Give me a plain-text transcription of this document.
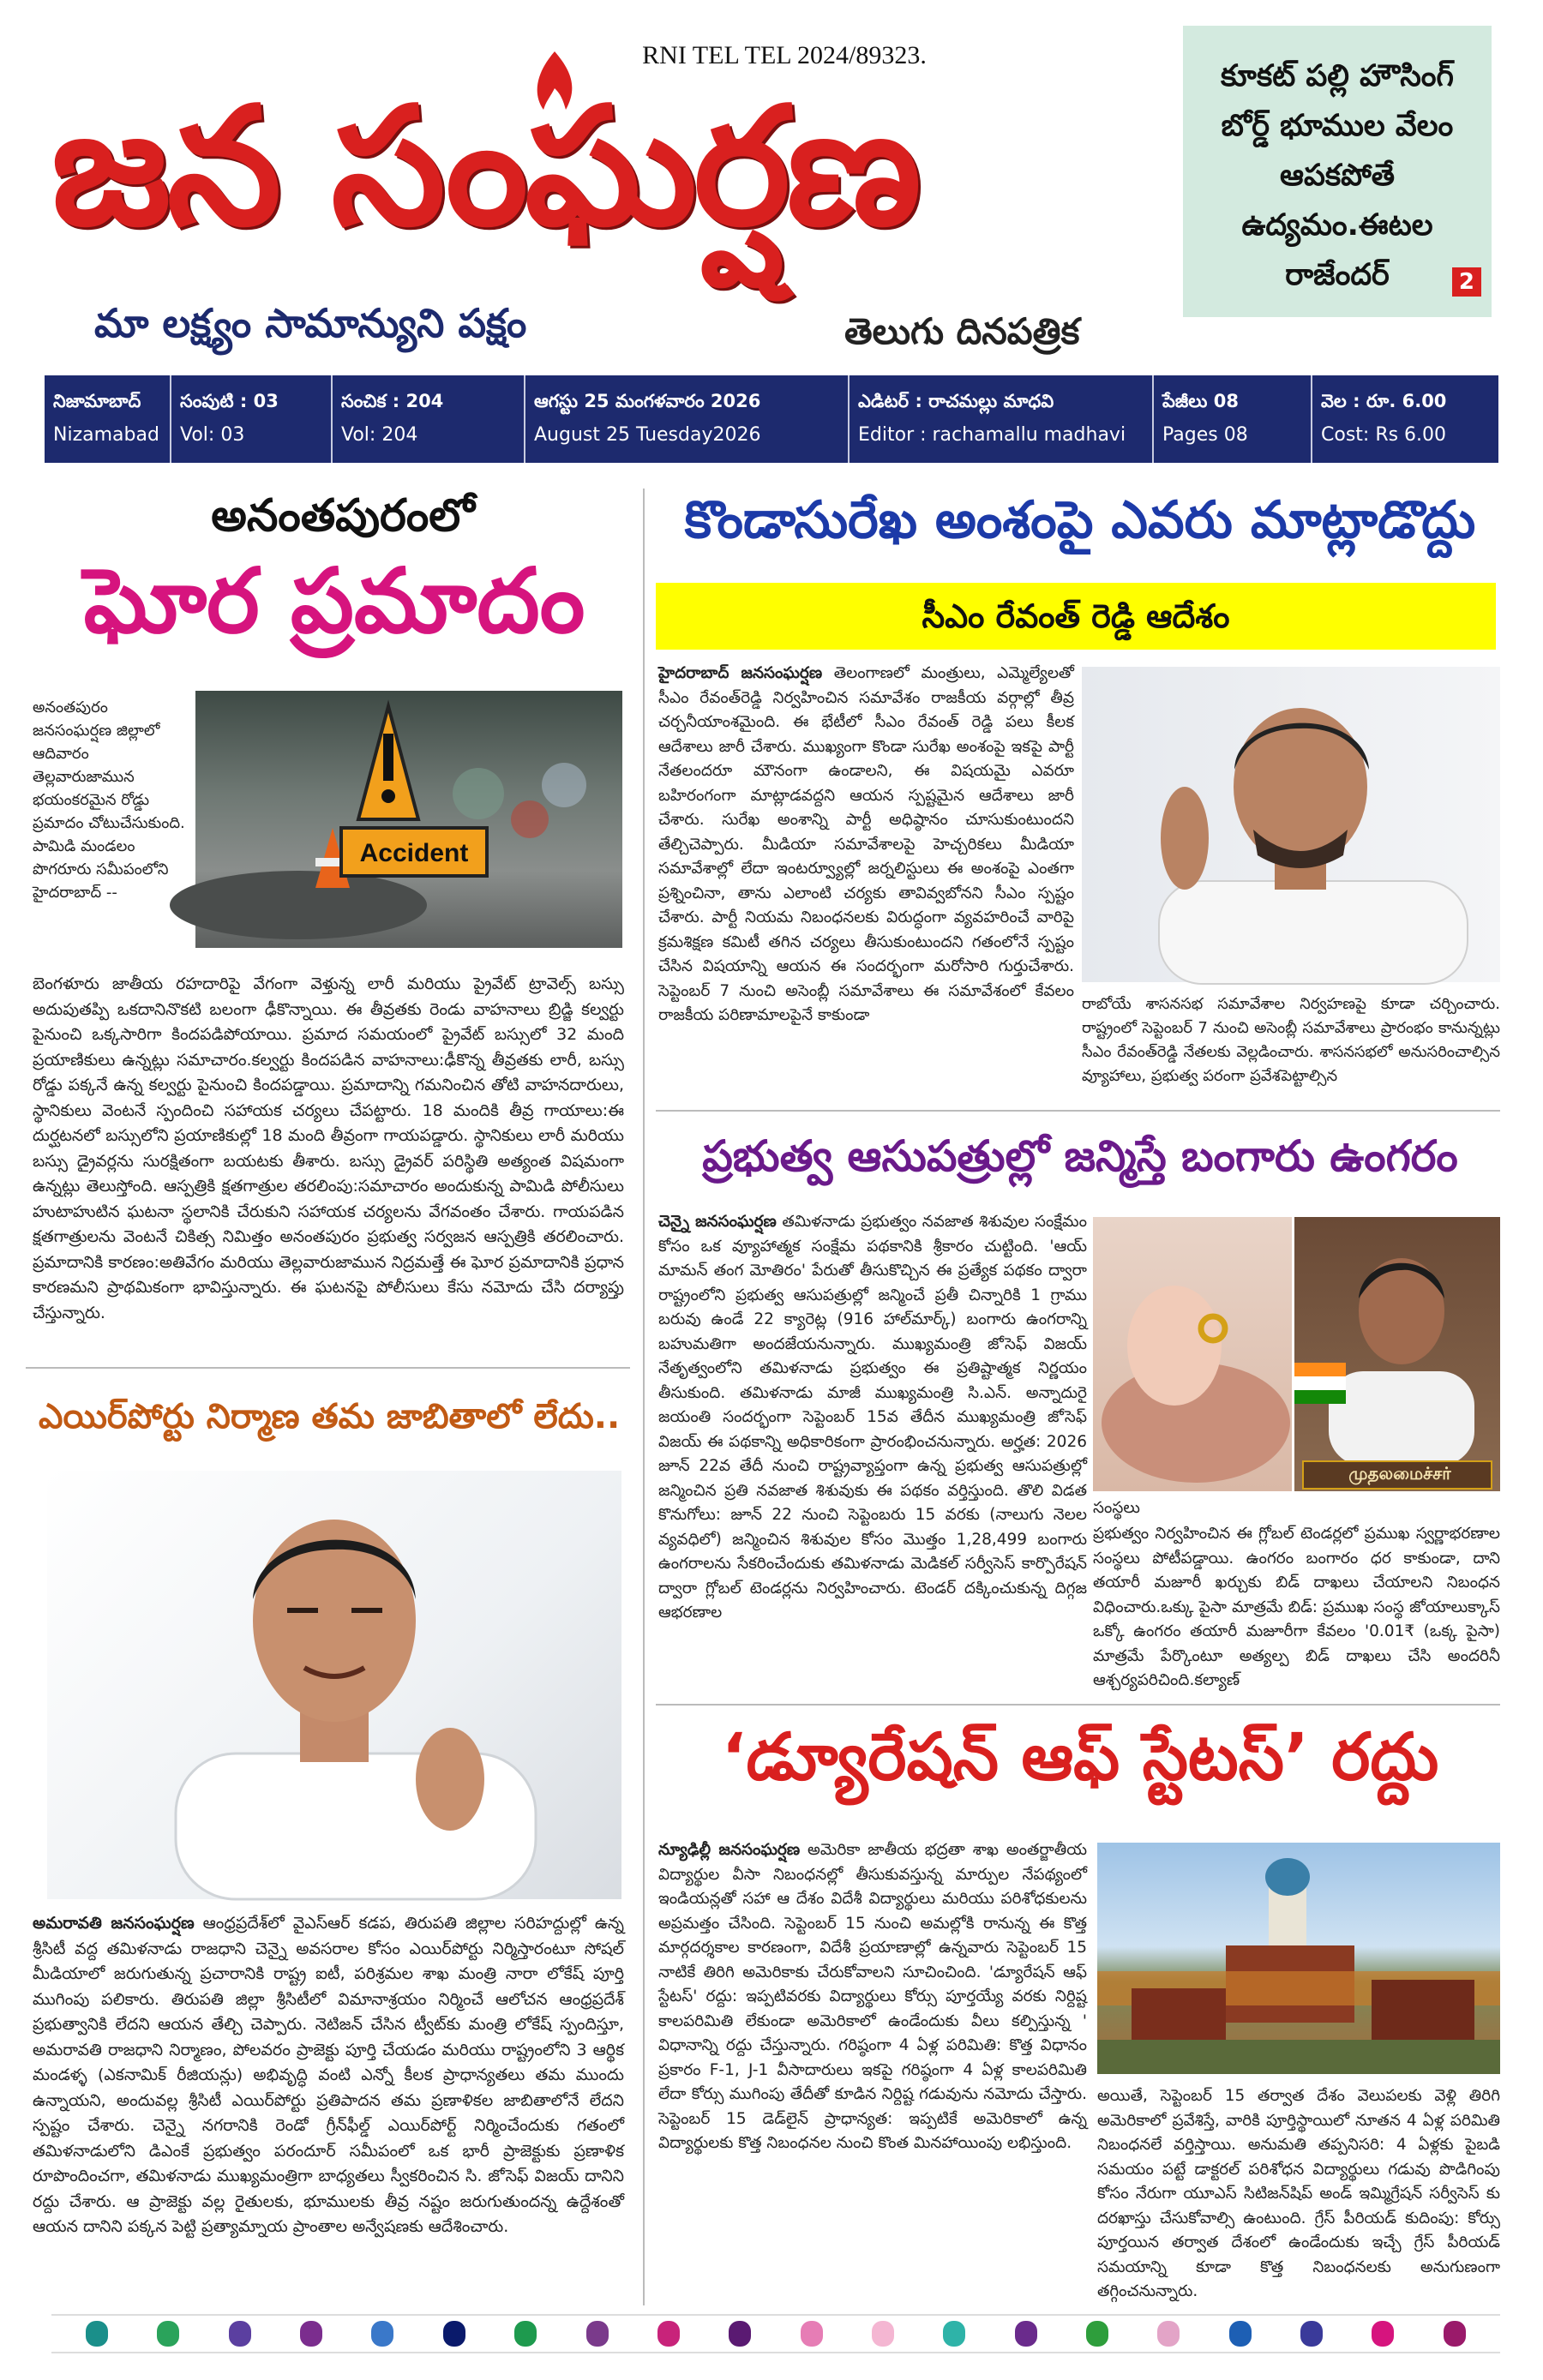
RNI TEL TEL 2024/89323.
జన సంఘర్షణ
మా లక్ష్యం సామాన్యుని పక్షం	తెలుగు దినపత్రిక
కూకట్ పల్లి హౌసింగ్
బోర్డ్ భూముల వేలం
ఆపకపోతే
ఉద్యమం.ఈటల
రాజేందర్	2
నిజామాబాద్
Nizamabad
సంపుటి : 03
Vol: 03
సంచిక : 204
Vol: 204
ఆగస్టు 25 మంగళవారం 2026
August 25 Tuesday2026
ఎడిటర్ : రాచమల్లు మాధవి
Editor : rachamallu madhavi
పేజీలు 08
Pages 08
వెల : రూ. 6.00
Cost: Rs 6.00
అనంతపురంలో
ఘోర ప్రమాదం
అనంతపురం జనసంఘర్షణ జిల్లాలో ఆదివారం తెల్లవారుజామున భయంకరమైన రోడ్డు ప్రమాదం చోటుచేసుకుంది. పామిడి మండలం పొగరూరు సమీపంలోని హైదరాబాద్ --
Accident
బెంగళూరు జాతీయ రహదారిపై వేగంగా వెళ్తున్న లారీ మరియు ప్రైవేట్ ట్రావెల్స్ బస్సు అదుపుతప్పి ఒకదానినొకటి బలంగా ఢీకొన్నాయి. ఈ తీవ్రతకు రెండు వాహనాలు బ్రిడ్జి కల్వర్టు పైనుంచి ఒక్కసారిగా కిందపడిపోయాయి. ప్రమాద సమయంలో ప్రైవేట్ బస్సులో 32 మంది ప్రయాణికులు ఉన్నట్లు సమాచారం.కల్వర్టు కిందపడిన వాహనాలు:ఢీకొన్న తీవ్రతకు లారీ, బస్సు రోడ్డు పక్కనే ఉన్న కల్వర్టు పైనుంచి కిందపడ్డాయి. ప్రమాదాన్ని గమనించిన తోటి వాహనదారులు, స్థానికులు వెంటనే స్పందించి సహాయక చర్యలు చేపట్టారు. 18 మందికి తీవ్ర గాయాలు:ఈ దుర్ఘటనలో బస్సులోని ప్రయాణికుల్లో 18 మంది తీవ్రంగా గాయపడ్డారు. స్థానికులు లారీ మరియు బస్సు డ్రైవర్లను సురక్షితంగా బయటకు తీశారు. బస్సు డ్రైవర్ పరిస్థితి అత్యంత విషమంగా ఉన్నట్లు తెలుస్తోంది. ఆస్పత్రికి క్షతగాత్రుల తరలింపు:సమాచారం అందుకున్న పామిడి పోలీసులు హుటాహుటిన ఘటనా స్థలానికి చేరుకుని సహాయక చర్యలను వేగవంతం చేశారు. గాయపడిన క్షతగాత్రులను వెంటనే చికిత్స నిమిత్తం అనంతపురం ప్రభుత్వ సర్వజన ఆస్పత్రికి తరలించారు. ప్రమాదానికి కారణం:అతివేగం మరియు తెల్లవారుజామున నిద్రమత్తే ఈ ఘోర ప్రమాదానికి ప్రధాన కారణమని ప్రాథమికంగా భావిస్తున్నారు. ఈ ఘటనపై పోలీసులు కేసు నమోదు చేసి దర్యాప్తు చేస్తున్నారు.
ఎయిర్‌పోర్టు నిర్మాణ తమ జాబితాలో లేదు..
అమరావతి జనసంఘర్షణ ఆంధ్రప్రదేశ్‌లో వైఎస్ఆర్ కడప, తిరుపతి జిల్లాల సరిహద్దుల్లో ఉన్న శ్రీసిటీ వద్ద తమిళనాడు రాజధాని చెన్నై అవసరాల కోసం ఎయిర్‌పోర్టు నిర్మిస్తారంటూ సోషల్ మీడియాలో జరుగుతున్న ప్రచారానికి రాష్ట్ర ఐటీ, పరిశ్రమల శాఖ మంత్రి నారా లోకేష్ పూర్తి ముగింపు పలికారు. తిరుపతి జిల్లా శ్రీసిటీలో విమానాశ్రయం నిర్మించే ఆలోచన ఆంధ్రప్రదేశ్ ప్రభుత్వానికి లేదని ఆయన తేల్చి చెప్పారు. నెటిజన్ చేసిన ట్వీట్‌కు మంత్రి లోకేష్ స్పందిస్తూ, అమరావతి రాజధాని నిర్మాణం, పోలవరం ప్రాజెక్టు పూర్తి చేయడం మరియు రాష్ట్రంలోని 3 ఆర్థిక మండళ్ళ (ఎకనామిక్ రీజియన్లు) అభివృద్ధి వంటి ఎన్నో కీలక ప్రాధాన్యతలు తమ ముందు ఉన్నాయని, అందువల్ల శ్రీసిటీ ఎయిర్‌పోర్టు ప్రతిపాదన తమ ప్రణాళికల జాబితాలోనే లేదని స్పష్టం చేశారు. చెన్నై నగరానికి రెండో గ్రీన్‌ఫీల్డ్ ఎయిర్‌పోర్ట్ నిర్మించేందుకు గతంలో తమిళనాడులోని డిఎంకే ప్రభుత్వం పరందూర్ సమీపంలో ఒక భారీ ప్రాజెక్టుకు ప్రణాళిక రూపొందించగా, తమిళనాడు ముఖ్యమంత్రిగా బాధ్యతలు స్వీకరించిన సి. జోసెఫ్ విజయ్ దానిని రద్దు చేశారు. ఆ ప్రాజెక్టు వల్ల రైతులకు, భూములకు తీవ్ర నష్టం జరుగుతుందన్న ఉద్దేశంతో ఆయన దానిని పక్కన పెట్టి ప్రత్యామ్నాయ ప్రాంతాల అన్వేషణకు ఆదేశించారు.
కొండాసురేఖ అంశంపై ఎవరు మాట్లాడొద్దు
సీఎం రేవంత్ రెడ్డి ఆదేశం
హైదరాబాద్ జనసంఘర్షణ తెలంగాణలో మంత్రులు, ఎమ్మెల్యేలతో సీఎం రేవంత్‌రెడ్డి నిర్వహించిన సమావేశం రాజకీయ వర్గాల్లో తీవ్ర చర్చనీయాంశమైంది. ఈ భేటీలో సీఎం రేవంత్ రెడ్డి పలు కీలక ఆదేశాలు జారీ చేశారు. ముఖ్యంగా కొండా సురేఖ అంశంపై ఇకపై పార్టీ నేతలందరూ మౌనంగా ఉండాలని, ఈ విషయమై ఎవరూ బహిరంగంగా మాట్లాడవద్దని ఆయన స్పష్టమైన ఆదేశాలు జారీ చేశారు. సురేఖ అంశాన్ని పార్టీ అధిష్ఠానం చూసుకుంటుందని తేల్చిచెప్పారు. మీడియా సమావేశాలపై హెచ్చరికలు మీడియా సమావేశాల్లో లేదా ఇంటర్వ్యూల్లో జర్నలిస్టులు ఈ అంశంపై ఎంతగా ప్రశ్నించినా, తాను ఎలాంటి చర్యకు తావివ్వబోనని సీఎం స్పష్టం చేశారు. పార్టీ నియమ నిబంధనలకు విరుద్ధంగా వ్యవహరించే వారిపై క్రమశిక్షణ కమిటీ తగిన చర్యలు తీసుకుంటుందని గతంలోనే స్పష్టం చేసిన విషయాన్ని ఆయన ఈ సందర్భంగా మరోసారి గుర్తుచేశారు. సెప్టెంబర్ 7 నుంచి అసెంబ్లీ సమావేశాలు ఈ సమావేశంలో కేవలం రాజకీయ పరిణామాలపైనే కాకుండా
రాబోయే శాసనసభ సమావేశాల నిర్వహణపై కూడా చర్చించారు. రాష్ట్రంలో సెప్టెంబర్ 7 నుంచి అసెంబ్లీ సమావేశాలు ప్రారంభం కానున్నట్లు సీఎం రేవంత్‌రెడ్డి నేతలకు వెల్లడించారు. శాసనసభలో అనుసరించాల్సిన వ్యూహాలు, ప్రభుత్వ పరంగా ప్రవేశపెట్టాల్సిన
ప్రభుత్వ ఆసుపత్రుల్లో జన్మిస్తే బంగారు ఉంగరం
చెన్నై జనసంఘర్షణ తమిళనాడు ప్రభుత్వం నవజాత శిశువుల సంక్షేమం కోసం ఒక వ్యూహాత్మక సంక్షేమ పథకానికి శ్రీకారం చుట్టింది. 'ఆయ్ మామన్ తంగ మోతిరం' పేరుతో తీసుకొచ్చిన ఈ ప్రత్యేక పథకం ద్వారా రాష్ట్రంలోని ప్రభుత్వ ఆసుపత్రుల్లో జన్మించే ప్రతీ చిన్నారికి 1 గ్రాము బరువు ఉండే 22 క్యారెట్ల (916 హాల్‌మార్క్) బంగారు ఉంగరాన్ని బహుమతిగా అందజేయనున్నారు. ముఖ్యమంత్రి జోసెఫ్ విజయ్ నేతృత్వంలోని తమిళనాడు ప్రభుత్వం ఈ ప్రతిష్టాత్మక నిర్ణయం తీసుకుంది. తమిళనాడు మాజీ ముఖ్యమంత్రి సి.ఎన్. అన్నాదురై జయంతి సందర్భంగా సెప్టెంబర్ 15వ తేదీన ముఖ్యమంత్రి జోసెఫ్ విజయ్ ఈ పథకాన్ని అధికారికంగా ప్రారంభించనున్నారు. అర్హత: 2026 జూన్ 22వ తేదీ నుంచి రాష్ట్రవ్యాప్తంగా ఉన్న ప్రభుత్వ ఆసుపత్రుల్లో జన్మించిన ప్రతి నవజాత శిశువుకు ఈ పథకం వర్తిస్తుంది. తొలి విడత కొనుగోలు: జూన్ 22 నుంచి సెప్టెంబరు 15 వరకు (నాలుగు నెలల వ్యవధిలో) జన్మించిన శిశువుల కోసం మొత్తం 1,28,499 బంగారు ఉంగరాలను సేకరించేందుకు తమిళనాడు మెడికల్ సర్వీసెస్ కార్పొరేషన్ ద్వారా గ్లోబల్ టెండర్లను నిర్వహించారు. టెండర్ దక్కించుకున్న దిగ్గజ ఆభరణాల
முதலமைச்சர்
సంస్థలు
ప్రభుత్వం నిర్వహించిన ఈ గ్లోబల్ టెండర్లలో ప్రముఖ స్వర్ణాభరణాల సంస్థలు పోటీపడ్డాయి. ఉంగరం బంగారం ధర కాకుండా, దాని తయారీ మజూరీ ఖర్చుకు బిడ్ దాఖలు చేయాలని నిబంధన విధించారు.ఒక్కు పైసా మాత్రమే బిడ్: ప్రముఖ సంస్థ జోయాలుక్కాస్ ఒక్కో ఉంగరం తయారీ మజూరీగా కేవలం '0.01₹ (ఒక్క పైసా) మాత్రమే పేర్కొంటూ అత్యల్ప బిడ్ దాఖలు చేసి అందరినీ ఆశ్చర్యపరిచింది.కల్యాణ్
‘డ్యూరేషన్ ఆఫ్ స్టేటస్’ రద్దు
న్యూఢిల్లీ జనసంఘర్షణ అమెరికా జాతీయ భద్రతా శాఖ అంతర్జాతీయ విద్యార్థుల వీసా నిబంధనల్లో తీసుకువస్తున్న మార్పుల నేపథ్యంలో ఇండియన్లతో సహా ఆ దేశం విదేశీ విద్యార్థులు మరియు పరిశోధకులను అప్రమత్తం చేసింది. సెప్టెంబర్ 15 నుంచి అమల్లోకి రానున్న ఈ కొత్త మార్గదర్శకాల కారణంగా, విదేశీ ప్రయాణాల్లో ఉన్నవారు సెప్టెంబర్ 15 నాటికే తిరిగి అమెరికాకు చేరుకోవాలని సూచించింది. 'డ్యూరేషన్ ఆఫ్ స్టేటస్' రద్దు: ఇప్పటివరకు విద్యార్థులు కోర్సు పూర్తయ్యే వరకు నిర్దిష్ట కాలపరిమితి లేకుండా అమెరికాలో ఉండేందుకు వీలు కల్పిస్తున్న ' విధానాన్ని రద్దు చేస్తున్నారు. గరిష్ఠంగా 4 ఏళ్ల పరిమితి: కొత్త విధానం ప్రకారం F-1, J-1 వీసాదారులు ఇకపై గరిష్ఠంగా 4 ఏళ్ల కాలపరిమితి లేదా కోర్సు ముగింపు తేదీతో కూడిన నిర్దిష్ట గడువును నమోదు చేస్తారు. సెప్టెంబర్ 15 డెడ్‌లైన్ ప్రాధాన్యత: ఇప్పటికే అమెరికాలో ఉన్న విద్యార్థులకు కొత్త నిబంధనల నుంచి కొంత మినహాయింపు లభిస్తుంది.
అయితే, సెప్టెంబర్ 15 తర్వాత దేశం వెలుపలకు వెళ్లి తిరిగి అమెరికాలో ప్రవేశిస్తే, వారికి పూర్తిస్థాయిలో నూతన 4 ఏళ్ల పరిమితి నిబంధనలే వర్తిస్తాయి. అనుమతి తప్పనిసరి: 4 ఏళ్లకు పైబడి సమయం పట్టే డాక్టరల్ పరిశోధన విద్యార్థులు గడువు పొడిగింపు కోసం నేరుగా యూఎస్ సిటిజన్‌షిప్ అండ్ ఇమ్మిగ్రేషన్ సర్వీసెస్ కు దరఖాస్తు చేసుకోవాల్సి ఉంటుంది. గ్రేస్ పీరియడ్ కుదింపు: కోర్సు పూర్తయిన తర్వాత దేశంలో ఉండేందుకు ఇచ్చే గ్రేస్ పీరియడ్ సమయాన్ని కూడా కొత్త నిబంధనలకు అనుగుణంగా తగ్గించనున్నారు.
